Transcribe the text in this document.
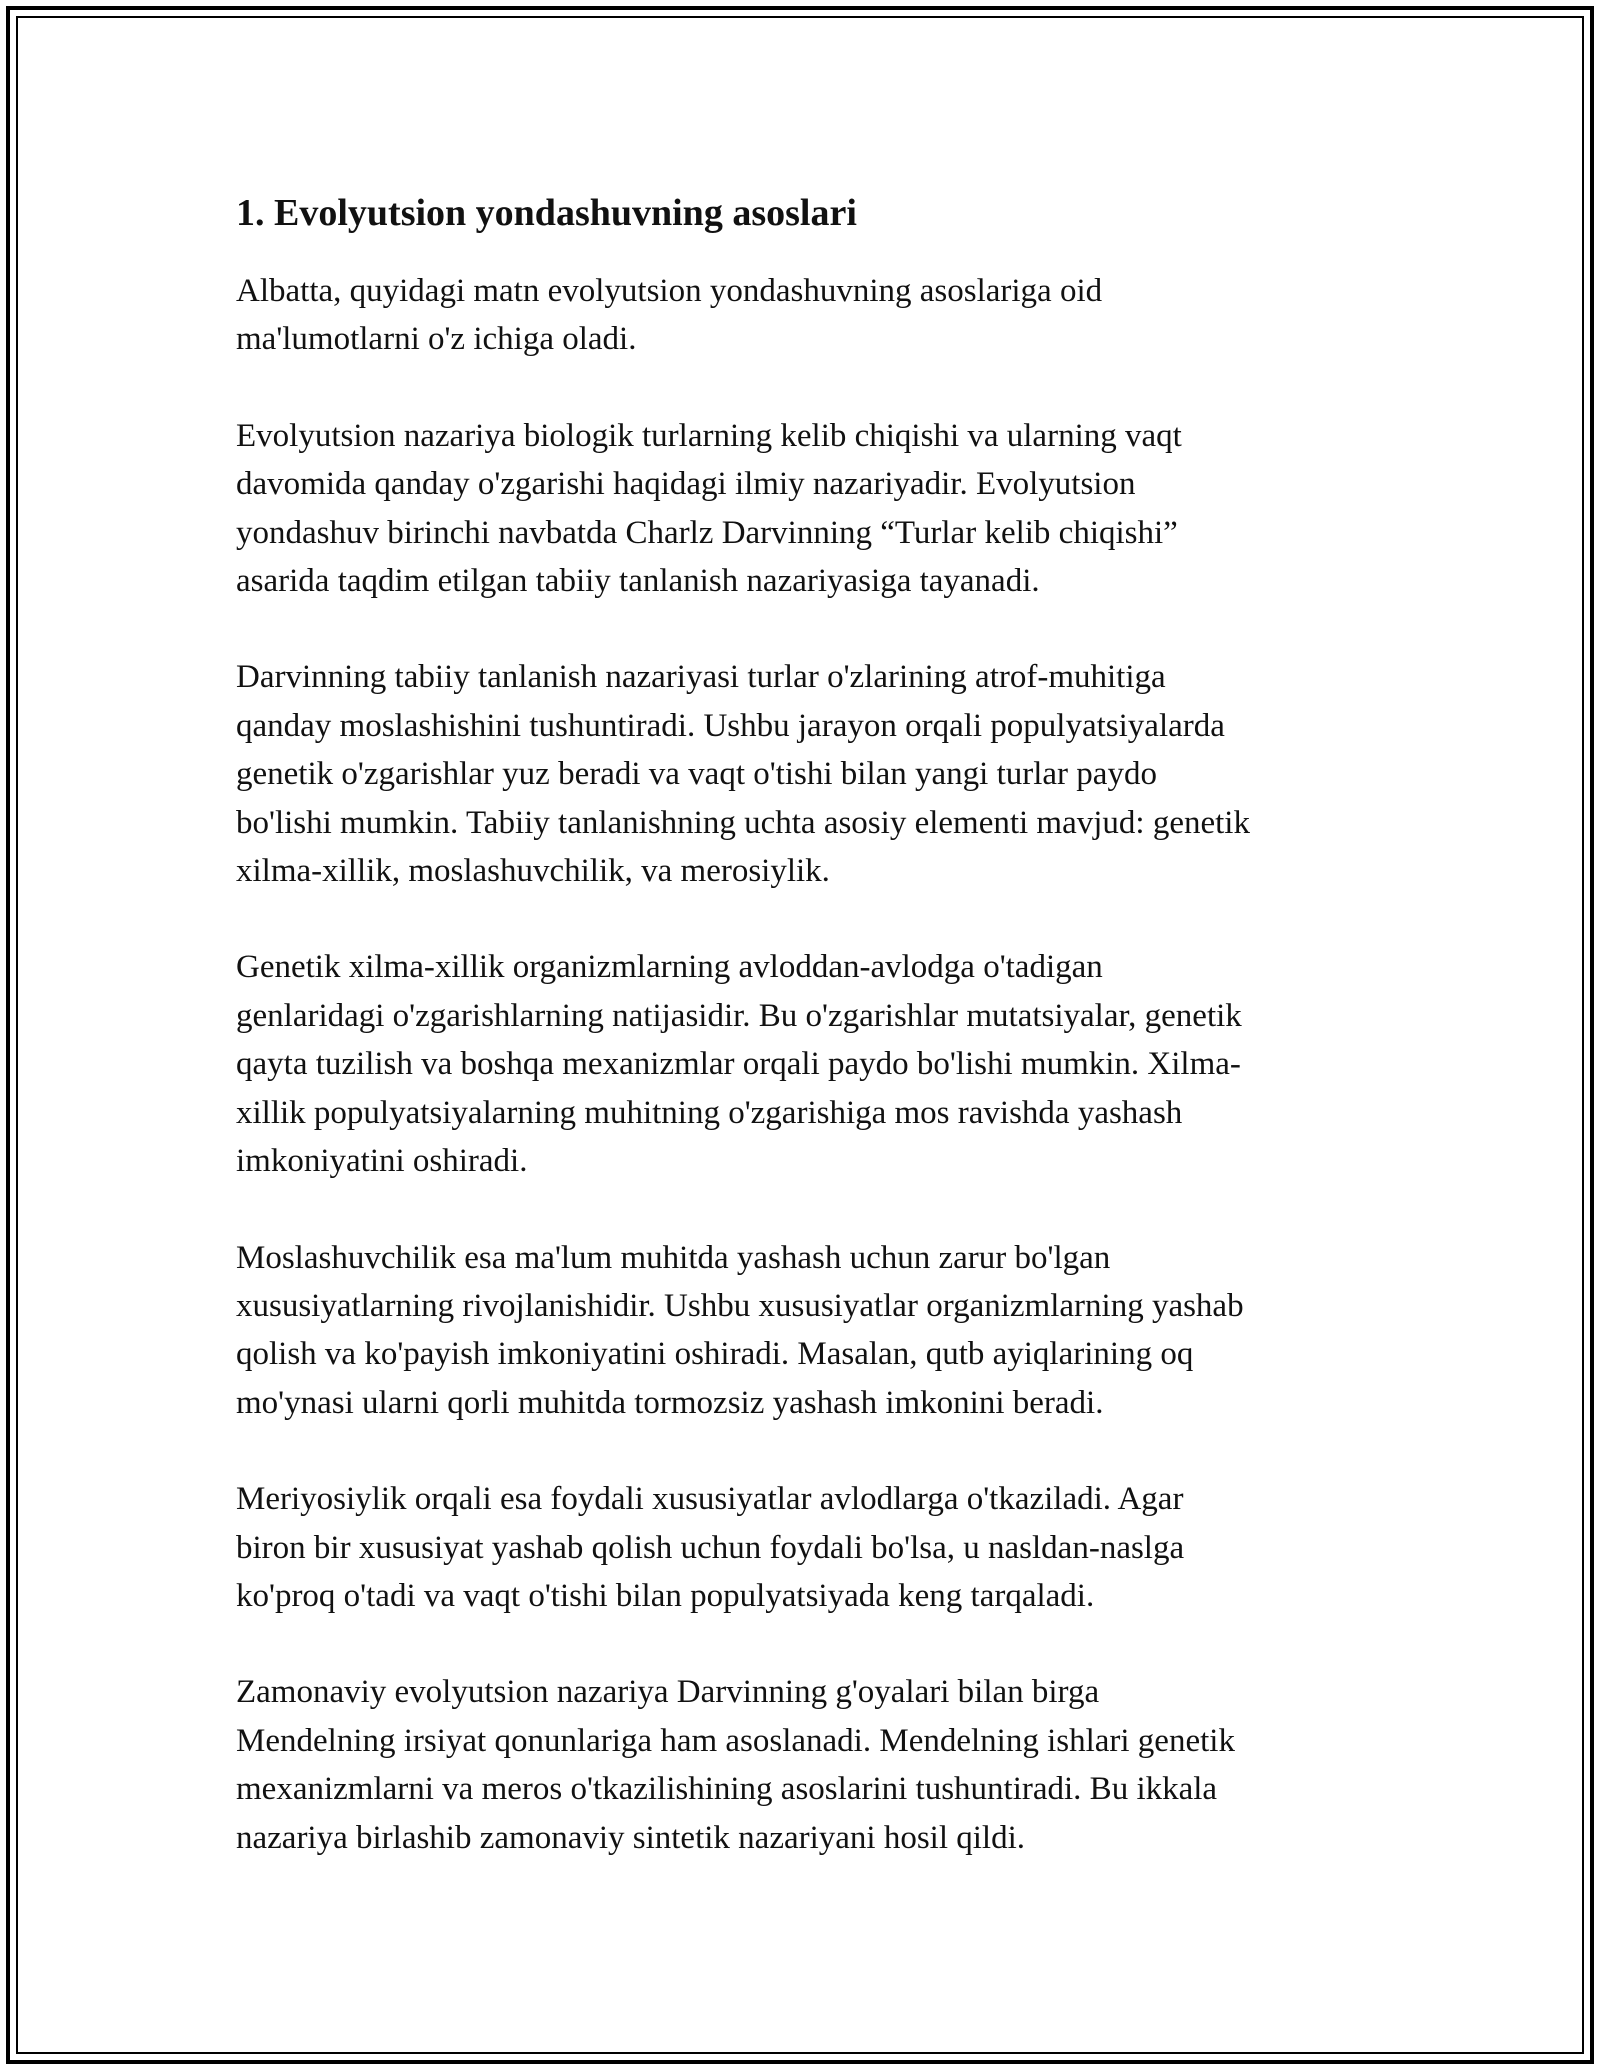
1. Evolyutsion yondashuvning asoslari

Albatta, quyidagi matn evolyutsion yondashuvning asoslariga oid
ma'lumotlarni o'z ichiga oladi.

Evolyutsion nazariya biologik turlarning kelib chiqishi va ularning vaqt
davomida qanday o'zgarishi haqidagi ilmiy nazariyadir. Evolyutsion
yondashuv birinchi navbatda Charlz Darvinning “Turlar kelib chiqishi”
asarida taqdim etilgan tabiiy tanlanish nazariyasiga tayanadi.

Darvinning tabiiy tanlanish nazariyasi turlar o'zlarining atrof-muhitiga
qanday moslashishini tushuntiradi. Ushbu jarayon orqali populyatsiyalarda
genetik o'zgarishlar yuz beradi va vaqt o'tishi bilan yangi turlar paydo
bo'lishi mumkin. Tabiiy tanlanishning uchta asosiy elementi mavjud: genetik
xilma-xillik, moslashuvchilik, va merosiylik.

Genetik xilma-xillik organizmlarning avloddan-avlodga o'tadigan
genlaridagi o'zgarishlarning natijasidir. Bu o'zgarishlar mutatsiyalar, genetik
qayta tuzilish va boshqa mexanizmlar orqali paydo bo'lishi mumkin. Xilma-
xillik populyatsiyalarning muhitning o'zgarishiga mos ravishda yashash
imkoniyatini oshiradi.

Moslashuvchilik esa ma'lum muhitda yashash uchun zarur bo'lgan
xususiyatlarning rivojlanishidir. Ushbu xususiyatlar organizmlarning yashab
qolish va ko'payish imkoniyatini oshiradi. Masalan, qutb ayiqlarining oq
mo'ynasi ularni qorli muhitda tormozsiz yashash imkonini beradi.

Meriyosiylik orqali esa foydali xususiyatlar avlodlarga o'tkaziladi. Agar
biron bir xususiyat yashab qolish uchun foydali bo'lsa, u nasldan-naslga
ko'proq o'tadi va vaqt o'tishi bilan populyatsiyada keng tarqaladi.

Zamonaviy evolyutsion nazariya Darvinning g'oyalari bilan birga
Mendelning irsiyat qonunlariga ham asoslanadi. Mendelning ishlari genetik
mexanizmlarni va meros o'tkazilishining asoslarini tushuntiradi. Bu ikkala
nazariya birlashib zamonaviy sintetik nazariyani hosil qildi.
